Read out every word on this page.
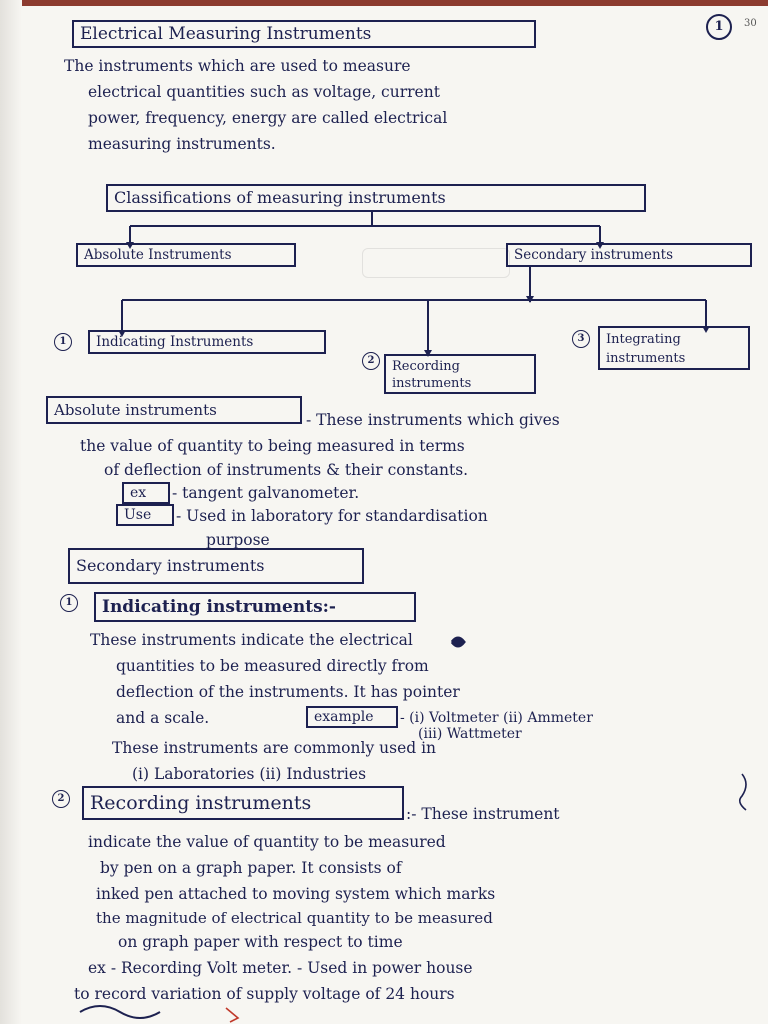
1	30
Electrical Measuring Instruments
The instruments which are used to measure
electrical quantities such as voltage, current
power, frequency, energy are called electrical
measuring instruments.
Classifications of measuring instruments
Absolute Instruments	Secondary instruments
1	Indicating Instruments
2	Recording instruments
3	Integrating instruments
Absolute instruments
- These instruments which gives
the value of quantity to being measured in terms
of deflection of instruments & their constants.
ex	- tangent galvanometer.
Use	- Used in laboratory for standardisation
purpose
Secondary instruments
1	Indicating instruments:-
These instruments indicate the electrical
quantities to be measured directly from
deflection of the instruments. It has pointer
and a scale.	example	- (i) Voltmeter (ii) Ammeter
(iii) Wattmeter
These instruments are commonly used in
(i) Laboratories (ii) Industries
2	Recording instruments	:- These instrument
indicate the value of quantity to be measured
by pen on a graph paper. It consists of
inked pen attached to moving system which marks
the magnitude of electrical quantity to be measured
on graph paper with respect to time
ex - Recording Volt meter. - Used in power house
to record variation of supply voltage of 24 hours
